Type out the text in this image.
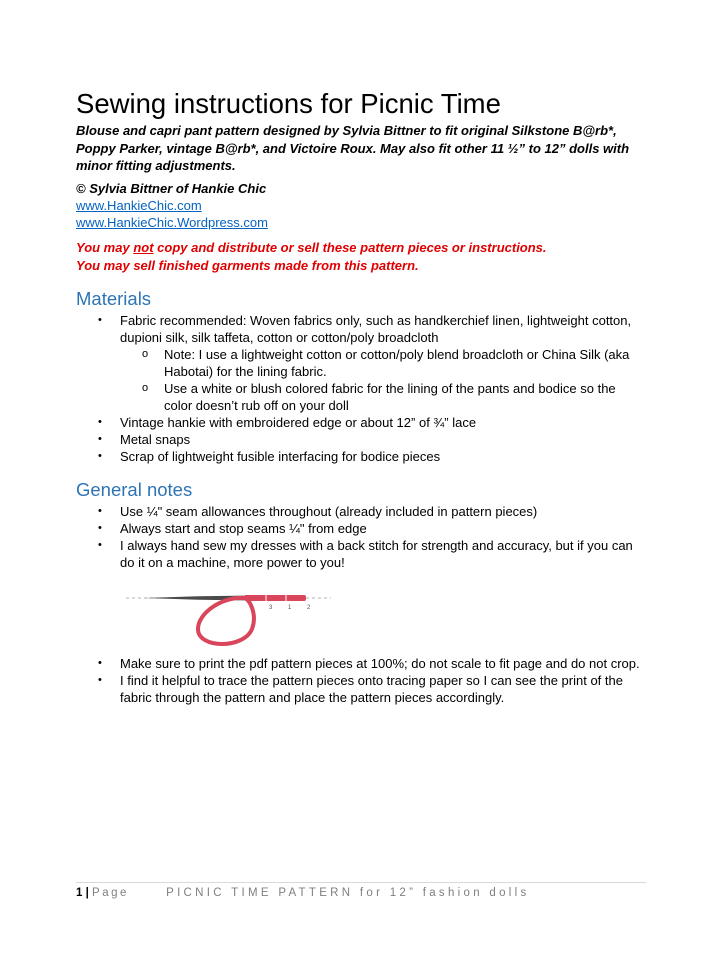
Sewing instructions for Picnic Time
Blouse and capri pant pattern designed by Sylvia Bittner to fit original Silkstone B@rb*, Poppy Parker, vintage B@rb*, and Victoire Roux. May also fit other 11 ½” to 12” dolls with minor fitting adjustments.
© Sylvia Bittner of Hankie Chic
www.HankieChic.com
www.HankieChic.Wordpress.com
You may not copy and distribute or sell these pattern pieces or instructions.
You may sell finished garments made from this pattern.
Materials
• Fabric recommended: Woven fabrics only, such as handkerchief linen, lightweight cotton, dupioni silk, silk taffeta, cotton or cotton/poly broadcloth
o Note: I use a lightweight cotton or cotton/poly blend broadcloth or China Silk (aka Habotai) for the lining fabric.
o Use a white or blush colored fabric for the lining of the pants and bodice so the color doesn’t rub off on your doll
• Vintage hankie with embroidered edge or about 12” of ¾” lace
• Metal snaps
• Scrap of lightweight fusible interfacing for bodice pieces
General notes
• Use ¼" seam allowances throughout (already included in pattern pieces)
• Always start and stop seams ¼" from edge
• I always hand sew my dresses with a back stitch for strength and accuracy, but if you can do it on a machine, more power to you!
3	1	2
• Make sure to print the pdf pattern pieces at 100%; do not scale to fit page and do not crop.
• I find it helpful to trace the pattern pieces onto tracing paper so I can see the print of the fabric through the pattern and place the pattern pieces accordingly.
1 | Page	PICNIC TIME PATTERN for 12” fashion dolls
